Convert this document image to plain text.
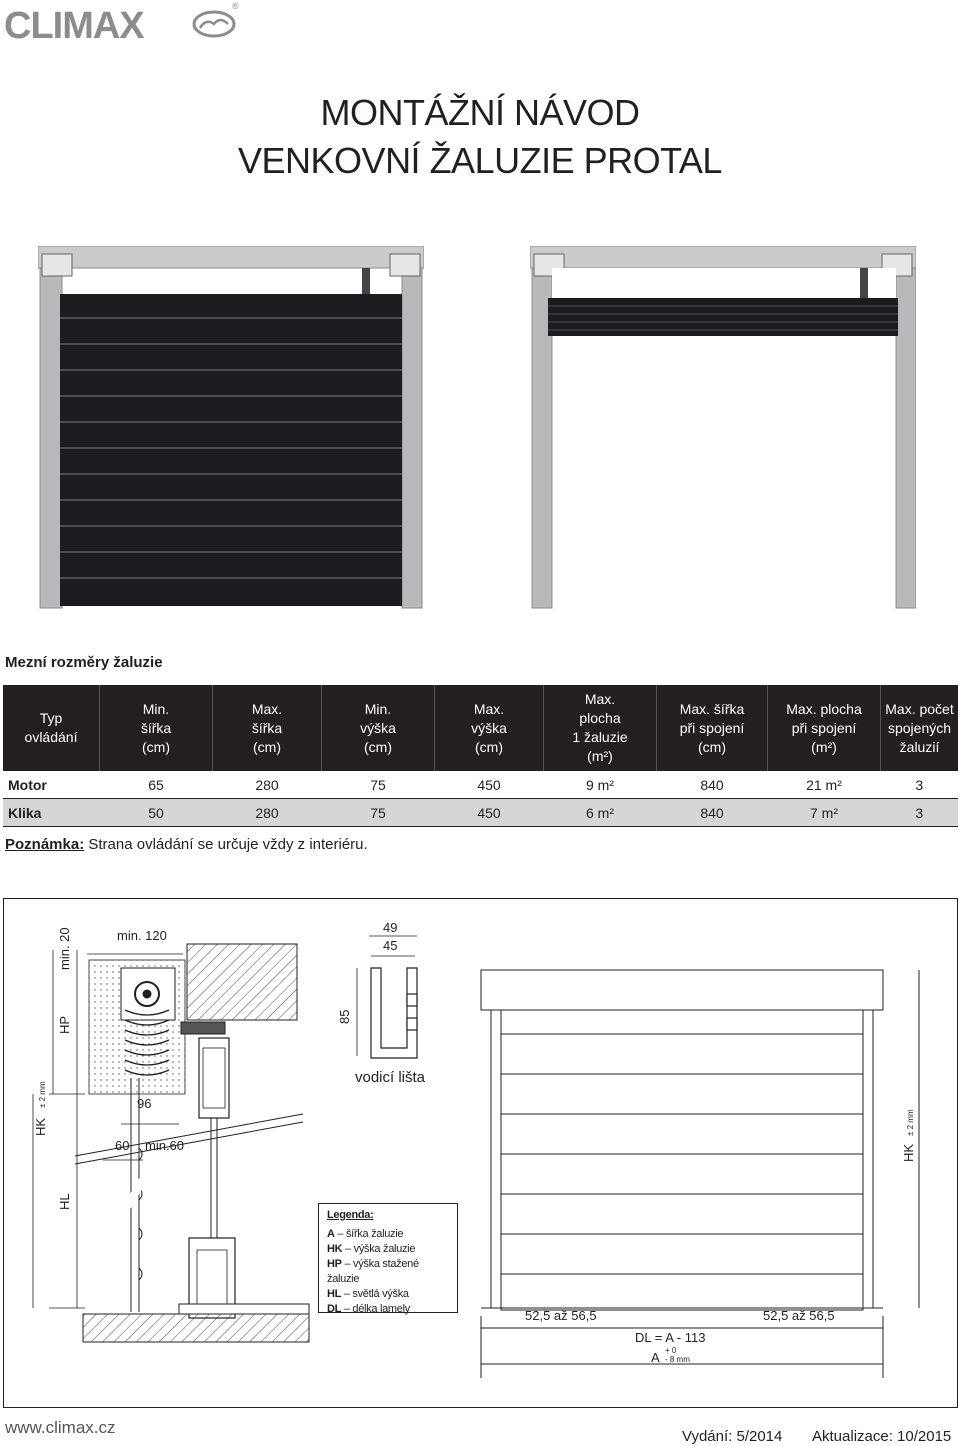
CLIMAX	®
MONTÁŽNÍ NÁVOD
VENKOVNÍ ŽALUZIE PROTAL
Mezní rozměry žaluzie
Typ
ovládání	Min.
šířka
(cm)	Max.
šířka
(cm)	Min.
výška
(cm)	Max.
výška
(cm)	Max.
plocha
1 žaluzie
(m²)	Max. šířka
při spojení
(cm)	Max. plocha
při spojení
(m²)	Max. počet
spojených
žaluzií
Motor	65	280	75	450	9 m²	840	21 m²	3
Klika	50	280	75	450	6 m²	840	7 m²	3
Poznámka: Strana ovládání se určuje vždy z interiéru.
min. 20
HP
HK
± 2 mm
HL
min. 120
96
60 min.60
49
45
85
vodicí lišta
52,5 až 56,5	52,5 až 56,5
DL = A - 113
A + 0
- 8 mm
HK
± 2 mm
Legenda:
A – šířka žaluzie
HK – výška žaluzie
HP – výška stažené žaluzie
HL – světlá výška
DL – délka lamely
www.climax.cz	Vydání: 5/2014 Aktualizace: 10/2015
